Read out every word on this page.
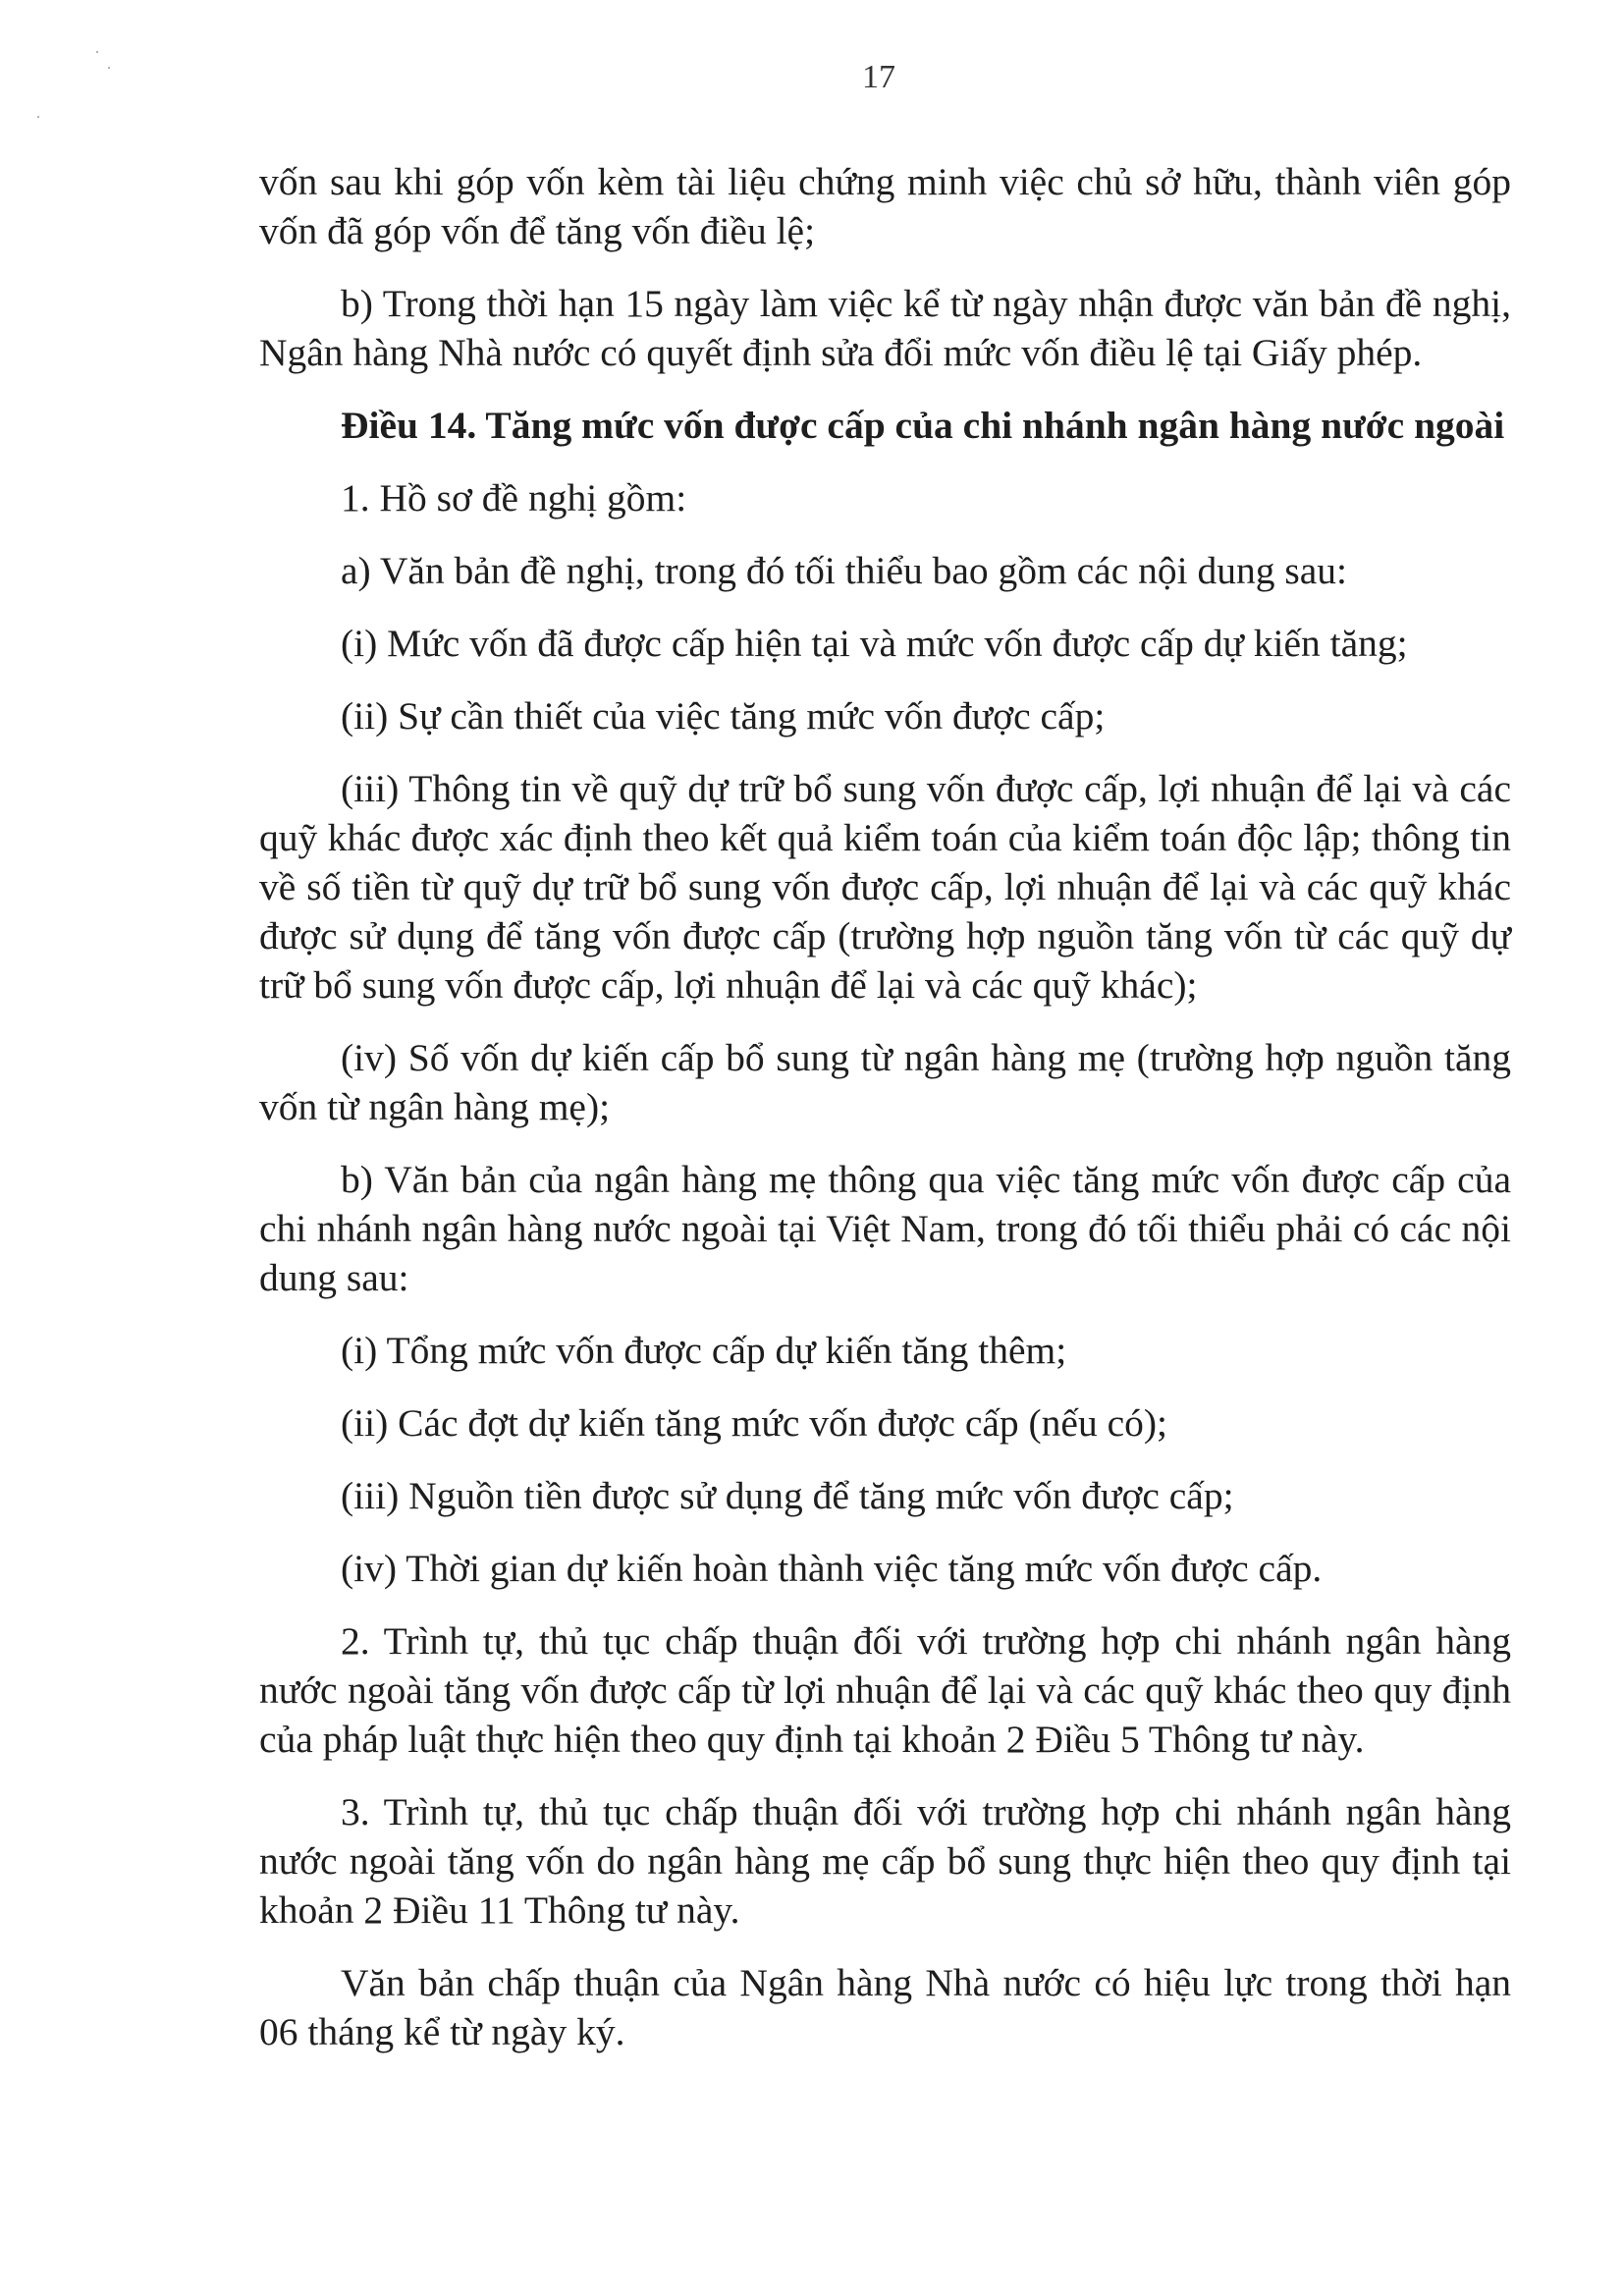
17

vốn sau khi góp vốn kèm tài liệu chứng minh việc chủ sở hữu, thành viên góp vốn đã góp vốn để tăng vốn điều lệ;

b) Trong thời hạn 15 ngày làm việc kể từ ngày nhận được văn bản đề nghị, Ngân hàng Nhà nước có quyết định sửa đổi mức vốn điều lệ tại Giấy phép.

Điều 14. Tăng mức vốn được cấp của chi nhánh ngân hàng nước ngoài

1. Hồ sơ đề nghị gồm:

a) Văn bản đề nghị, trong đó tối thiểu bao gồm các nội dung sau:

(i) Mức vốn đã được cấp hiện tại và mức vốn được cấp dự kiến tăng;

(ii) Sự cần thiết của việc tăng mức vốn được cấp;

(iii) Thông tin về quỹ dự trữ bổ sung vốn được cấp, lợi nhuận để lại và các quỹ khác được xác định theo kết quả kiểm toán của kiểm toán độc lập; thông tin về số tiền từ quỹ dự trữ bổ sung vốn được cấp, lợi nhuận để lại và các quỹ khác được sử dụng để tăng vốn được cấp (trường hợp nguồn tăng vốn từ các quỹ dự trữ bổ sung vốn được cấp, lợi nhuận để lại và các quỹ khác);

(iv) Số vốn dự kiến cấp bổ sung từ ngân hàng mẹ (trường hợp nguồn tăng vốn từ ngân hàng mẹ);

b) Văn bản của ngân hàng mẹ thông qua việc tăng mức vốn được cấp của chi nhánh ngân hàng nước ngoài tại Việt Nam, trong đó tối thiểu phải có các nội dung sau:

(i) Tổng mức vốn được cấp dự kiến tăng thêm;

(ii) Các đợt dự kiến tăng mức vốn được cấp (nếu có);

(iii) Nguồn tiền được sử dụng để tăng mức vốn được cấp;

(iv) Thời gian dự kiến hoàn thành việc tăng mức vốn được cấp.

2. Trình tự, thủ tục chấp thuận đối với trường hợp chi nhánh ngân hàng nước ngoài tăng vốn được cấp từ lợi nhuận để lại và các quỹ khác theo quy định của pháp luật thực hiện theo quy định tại khoản 2 Điều 5 Thông tư này.

3. Trình tự, thủ tục chấp thuận đối với trường hợp chi nhánh ngân hàng nước ngoài tăng vốn do ngân hàng mẹ cấp bổ sung thực hiện theo quy định tại khoản 2 Điều 11 Thông tư này.

Văn bản chấp thuận của Ngân hàng Nhà nước có hiệu lực trong thời hạn 06 tháng kể từ ngày ký.
